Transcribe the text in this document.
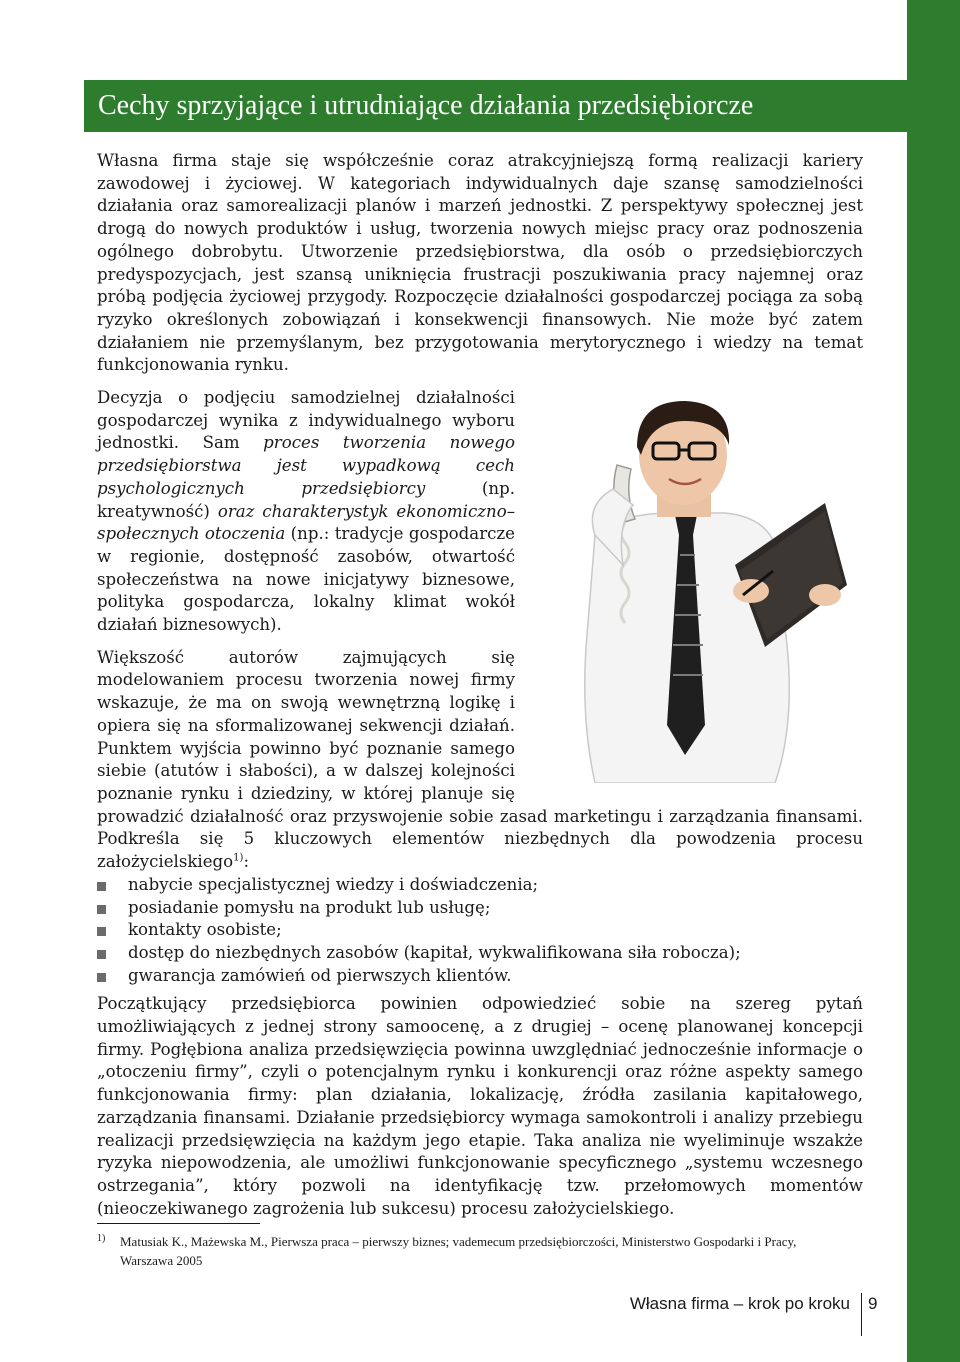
Cechy sprzyjające i utrudniające działania przedsiębiorcze

Własna firma staje się współcześnie coraz atrakcyjniejszą formą realizacji kariery zawodowej i życiowej. W kategoriach indywidualnych daje szansę samodzielności działania oraz samorealizacji planów i marzeń jednostki. Z perspektywy społecznej jest drogą do nowych produktów i usług, tworzenia nowych miejsc pracy oraz podnoszenia ogólnego dobrobytu. Utworzenie przedsiębiorstwa, dla osób o przedsiębiorczych predyspozycjach, jest szansą uniknięcia frustracji poszukiwania pracy najemnej oraz próbą podjęcia życiowej przygody. Rozpoczęcie działalności gospodarczej pociąga za sobą ryzyko określonych zobowiązań i konsekwencji finansowych. Nie może być zatem działaniem nie przemyślanym, bez przygotowania merytorycznego i wiedzy na temat funkcjonowania rynku.

Decyzja o podjęciu samodzielnej działalności gospodarczej wynika z indywidualnego wyboru jednostki. Sam proces tworzenia nowego przedsiębiorstwa jest wypadkową cech psychologicznych przedsiębiorcy (np. kreatywność) oraz charakterystyk ekonomiczno–społecznych otoczenia (np.: tradycje gospodarcze w regionie, dostępność zasobów, otwartość społeczeństwa na nowe inicjatywy biznesowe, polityka gospodarcza, lokalny klimat wokół działań biznesowych).

Większość autorów zajmujących się modelowaniem procesu tworzenia nowej firmy wskazuje, że ma on swoją wewnętrzną logikę i opiera się na sformalizowanej sekwencji działań. Punktem wyjścia powinno być poznanie samego siebie (atutów i słabości), a w dalszej kolejności poznanie rynku i dziedziny, w której planuje się prowadzić działalność oraz przyswojenie sobie zasad marketingu i zarządzania finansami. Podkreśla się 5 kluczowych elementów niezbędnych dla powodzenia procesu założycielskiego$^{1)}$:

nabycie specjalistycznej wiedzy i doświadczenia;
posiadanie pomysłu na produkt lub usługę;
kontakty osobiste;
dostęp do niezbędnych zasobów (kapitał, wykwalifikowana siła robocza);
gwarancja zamówień od pierwszych klientów.

Początkujący przedsiębiorca powinien odpowiedzieć sobie na szereg pytań umożliwiających z jednej strony samoocenę, a z drugiej – ocenę planowanej koncepcji firmy. Pogłębiona analiza przedsięwzięcia powinna uwzględniać jednocześnie informacje o „otoczeniu firmy”, czyli o potencjalnym rynku i konkurencji oraz różne aspekty samego funkcjonowania firmy: plan działania, lokalizację, źródła zasilania kapitałowego, zarządzania finansami. Działanie przedsiębiorcy wymaga samokontroli i analizy przebiegu realizacji przedsięwzięcia na każdym jego etapie. Taka analiza nie wyeliminuje wszakże ryzyka niepowodzenia, ale umożliwi funkcjonowanie specyficznego „systemu wczesnego ostrzegania”, który pozwoli na identyfikację tzw. przełomowych momentów (nieoczekiwanego zagrożenia lub sukcesu) procesu założycielskiego.

1)	Matusiak K., Mażewska M., Pierwsza praca – pierwszy biznes; vademecum przedsiębiorczości, Ministerstwo Gospodarki i Pracy, Warszawa 2005
Własna firma – krok po kroku 9
